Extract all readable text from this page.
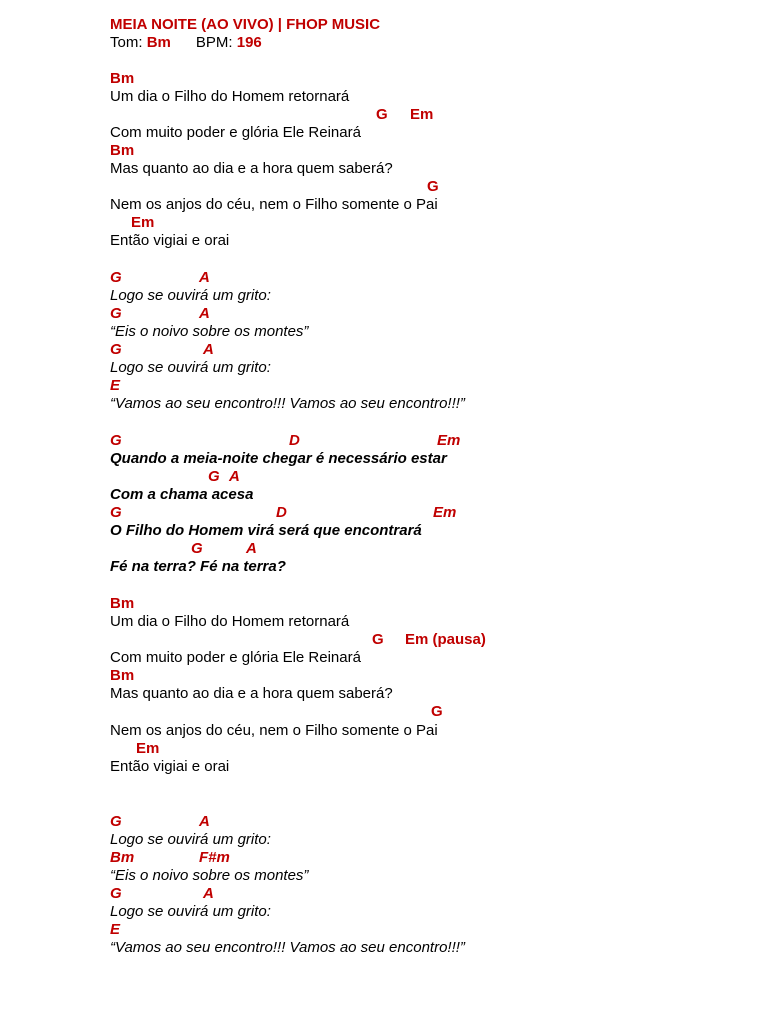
MEIA NOITE (AO VIVO) | FHOP MUSIC
Tom: Bm BPM: 196
Bm
Um dia o Filho do Homem retornará
G Em
Com muito poder e glória Ele Reinará
Bm
Mas quanto ao dia e a hora quem saberá?
G
Nem os anjos do céu, nem o Filho somente o Pai
Em
Então vigiai e orai
G	A
Logo se ouvirá um grito:
G	A
“Eis o noivo sobre os montes”
G	A
Logo se ouvirá um grito:
E
“Vamos ao seu encontro!!! Vamos ao seu encontro!!!”
G	D	Em
Quando a meia-noite chegar é necessário estar
G A
Com a chama acesa
G	D	Em
O Filho do Homem virá será que encontrará
G	A
Fé na terra? Fé na terra?
Bm
Um dia o Filho do Homem retornará
G Em (pausa)
Com muito poder e glória Ele Reinará
Bm
Mas quanto ao dia e a hora quem saberá?
G
Nem os anjos do céu, nem o Filho somente o Pai
Em
Então vigiai e orai
G	A
Logo se ouvirá um grito:
Bm	F#m
“Eis o noivo sobre os montes”
G	A
Logo se ouvirá um grito:
E
“Vamos ao seu encontro!!! Vamos ao seu encontro!!!”
